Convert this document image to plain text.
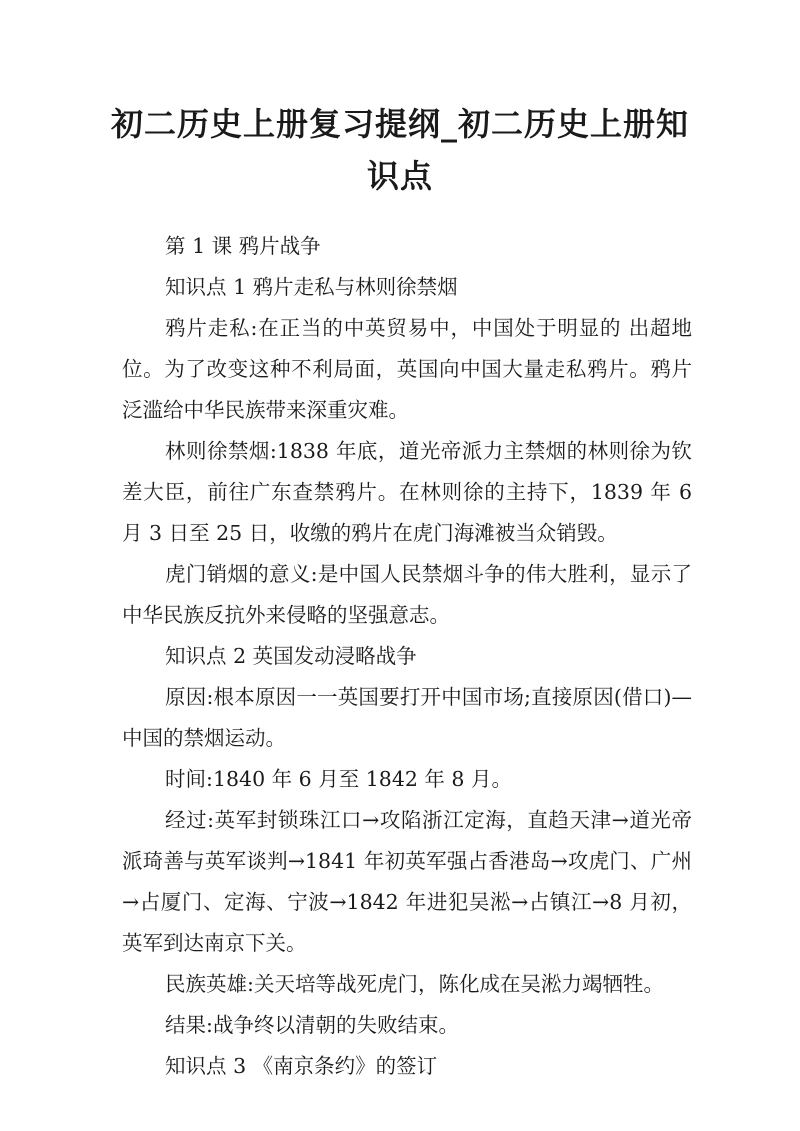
初二历史上册复习提纲_初二历史上册知识点

第 1 课 鸦片战争

知识点 1 鸦片走私与林则徐禁烟

鸦片走私:在正当的中英贸易中，中国处于明显的 出超地位。为了改变这种不利局面，英国向中国大量走私鸦片。鸦片泛滥给中华民族带来深重灾难。

林则徐禁烟:1838 年底，道光帝派力主禁烟的林则徐为钦差大臣，前往广东查禁鸦片。在林则徐的主持下，1839 年 6 月 3 日至 25 日，收缴的鸦片在虎门海滩被当众销毁。

虎门销烟的意义:是中国人民禁烟斗争的伟大胜利，显示了中华民族反抗外来侵略的坚强意志。

知识点 2 英国发动浸略战争

原因:根本原因一一英国要打开中国市场;直接原因(借口)—中国的禁烟运动。

时间:1840 年 6 月至 1842 年 8 月。

经过:英军封锁珠江口→攻陷浙江定海，直趋天津→道光帝派琦善与英军谈判→1841 年初英军强占香港岛→攻虎门、广州→占厦门、定海、宁波→1842 年进犯吴淞→占镇江→8 月初，英军到达南京下关。

民族英雄:关天培等战死虎门，陈化成在吴淞力竭牺牲。

结果:战争终以清朝的失败结束。

知识点 3 《南京条约》的签订
